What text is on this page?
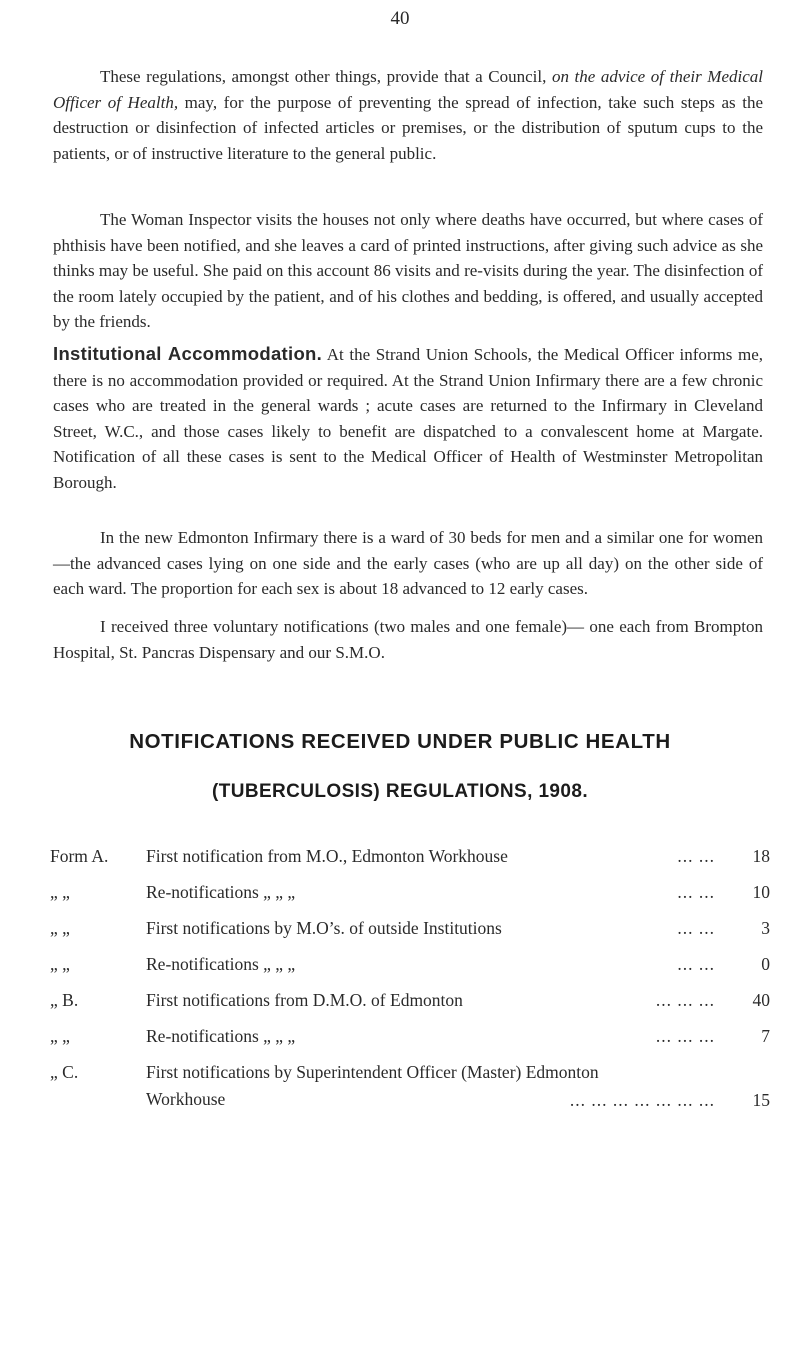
40

These regulations, amongst other things, provide that a Council, on the advice of their Medical Officer of Health, may, for the purpose of preventing the spread of infection, take such steps as the destruction or disinfection of infected articles or premises, or the distribution of sputum cups to the patients, or of instructive literature to the general public.

The Woman Inspector visits the houses not only where deaths have occurred, but where cases of phthisis have been notified, and she leaves a card of printed instructions, after giving such advice as she thinks may be useful. She paid on this account 86 visits and re-visits during the year. The disinfection of the room lately occupied by the patient, and of his clothes and bedding, is offered, and usually accepted by the friends.

Institutional Accommodation. At the Strand Union Schools, the Medical Officer informs me, there is no accommodation provided or required. At the Strand Union Infirmary there are a few chronic cases who are treated in the general wards ; acute cases are returned to the Infirmary in Cleveland Street, W.C., and those cases likely to benefit are dispatched to a convalescent home at Margate. Notification of all these cases is sent to the Medical Officer of Health of Westminster Metropolitan Borough.

In the new Edmonton Infirmary there is a ward of 30 beds for men and a similar one for women—the advanced cases lying on one side and the early cases (who are up all day) on the other side of each ward. The proportion for each sex is about 18 advanced to 12 early cases.

I received three voluntary notifications (two males and one female)— one each from Brompton Hospital, St. Pancras Dispensary and our S.M.O.

NOTIFICATIONS RECEIVED UNDER PUBLIC HEALTH
(TUBERCULOSIS) REGULATIONS, 1908.
Form A.	First notification from M.O., Edmonton Workhouse	... ...	18
„ „	Re-notifications „ „ „	... ...	10
„ „	First notifications by M.O’s. of outside Institutions	... ...	3
„ „	Re-notifications „ „ „	... ...	0
„ B.	First notifications from D.M.O. of Edmonton	... ... ...	40
„ „	Re-notifications „ „ „	... ... ...	7
„ C.	First notifications by Superintendent Officer (Master) Edmonton
Workhouse	... ... ... ... ... ... ...	15
